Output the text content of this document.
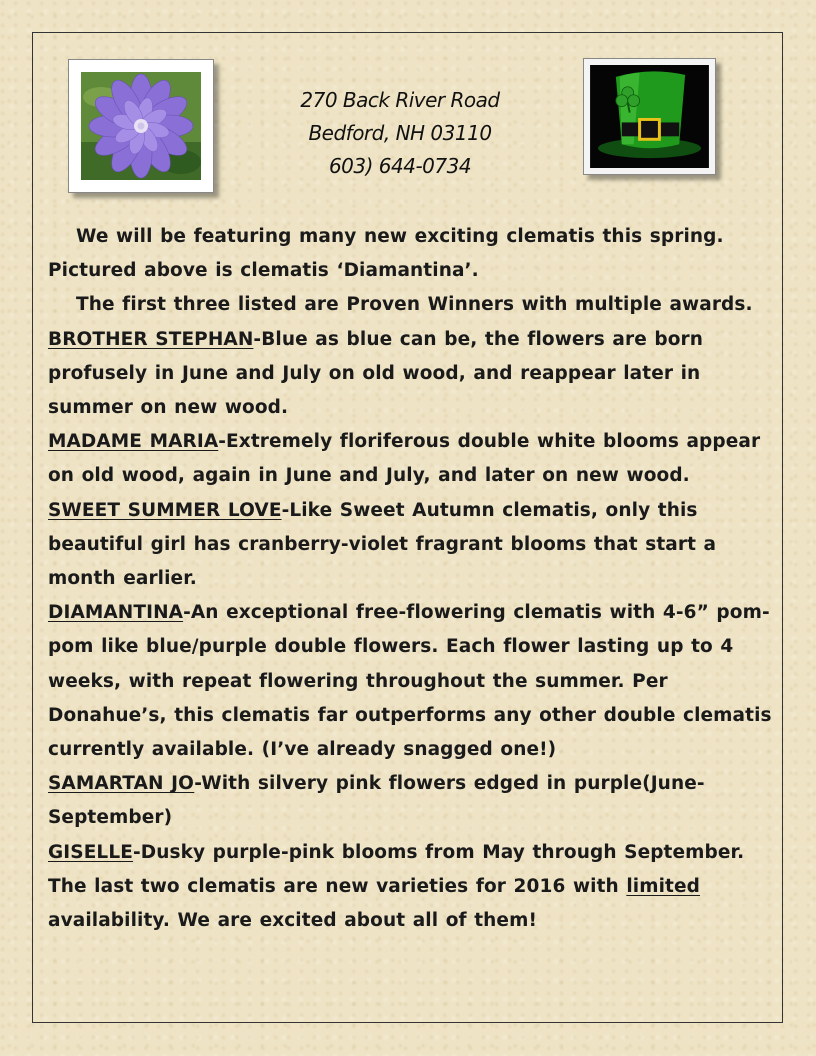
270 Back River Road
Bedford, NH 03110
603) 644-0734

We will be featuring many new exciting clematis this spring. Pictured above is clematis ‘Diamantina’.

The first three listed are Proven Winners with multiple awards.

BROTHER STEPHAN-Blue as blue can be, the flowers are born profusely in June and July on old wood, and reappear later in summer on new wood.

MADAME MARIA-Extremely floriferous double white blooms appear on old wood, again in June and July, and later on new wood.

SWEET SUMMER LOVE-Like Sweet Autumn clematis, only this beautiful girl has cranberry-violet fragrant blooms that start a month earlier.

DIAMANTINA-An exceptional free-flowering clematis with 4-6” pom-pom like blue/purple double flowers. Each flower lasting up to 4 weeks, with repeat flowering throughout the summer. Per Donahue’s, this clematis far outperforms any other double clematis currently available. (I’ve already snagged one!)

SAMARTAN JO-With silvery pink flowers edged in purple(June-September)

GISELLE-Dusky purple-pink blooms from May through September.

The last two clematis are new varieties for 2016 with limited availability. We are excited about all of them!
